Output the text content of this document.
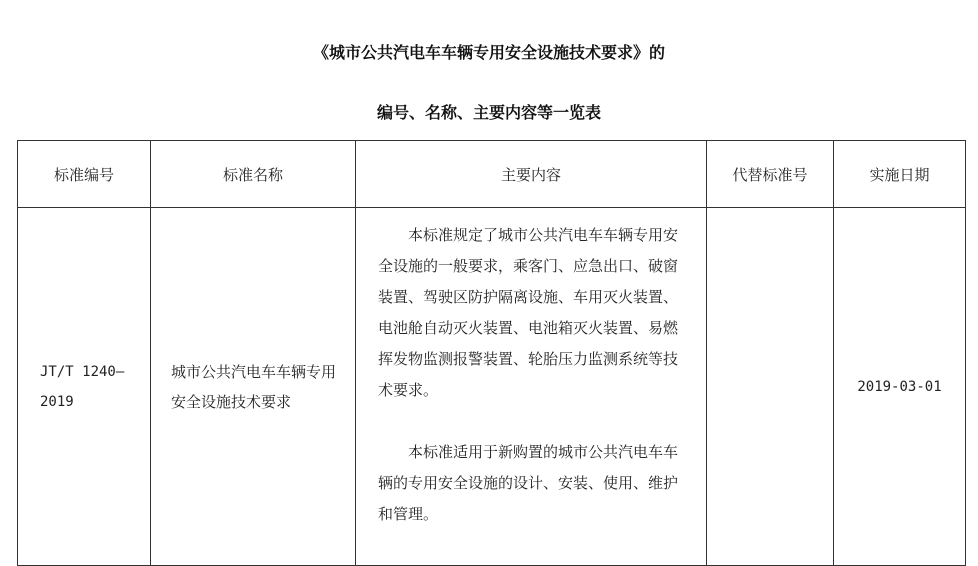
《城市公共汽电车车辆专用安全设施技术要求》的
编号、名称、主要内容等一览表
标准编号	标准名称	主要内容	代替标准号	实施日期
JT/T 1240—2019	城市公共汽电车车辆专用安全设施技术要求	本标准规定了城市公共汽电车车辆专用安全设施的一般要求，乘客门、应急出口、破窗装置、驾驶区防护隔离设施、车用灭火装置、电池舱自动灭火装置、电池箱灭火装置、易燃挥发物监测报警装置、轮胎压力监测系统等技术要求。

本标准适用于新购置的城市公共汽电车车辆的专用安全设施的设计、安装、使用、维护和管理。		2019-03-01
